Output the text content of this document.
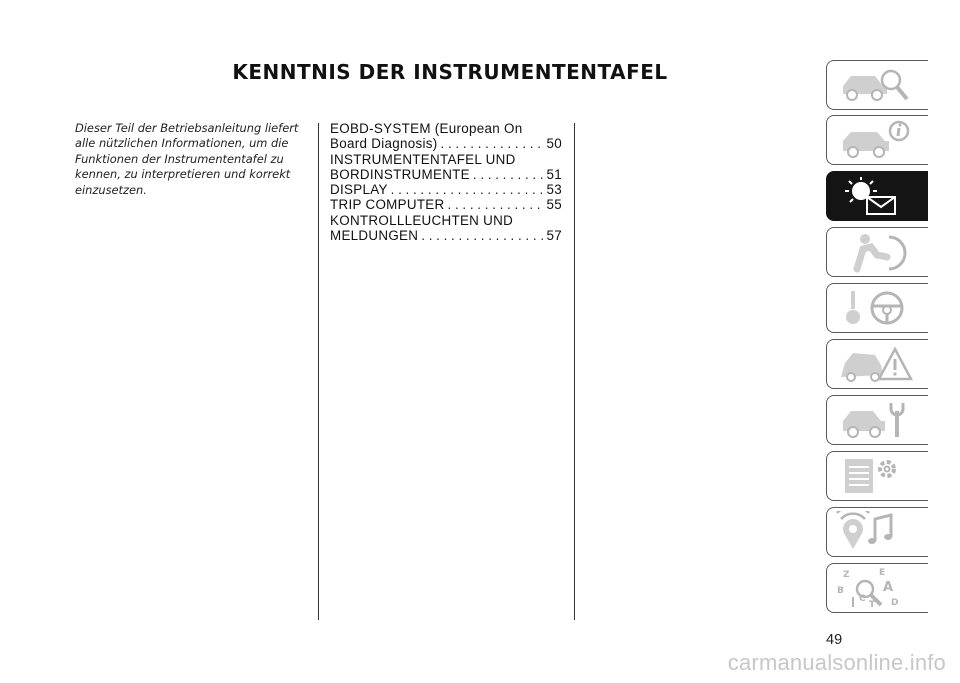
KENNTNIS DER INSTRUMENTENTAFEL
Dieser Teil der Betriebsanleitung liefert
alle nützlichen Informationen, um die
Funktionen der Instrumententafel zu
kennen, zu interpretieren und korrekt
einzusetzen.
EOBD-SYSTEM (European On
Board Diagnosis) . . .	50
INSTRUMENTENTAFEL UND
BORDINSTRUMENTE . . .	51
DISPLAY . . .	53
TRIP COMPUTER . . .	55
KONTROLLLEUCHTEN UND
MELDUNGEN . . .	57
Z	E
B	A
C	D
T
49
carmanualsonline.info
